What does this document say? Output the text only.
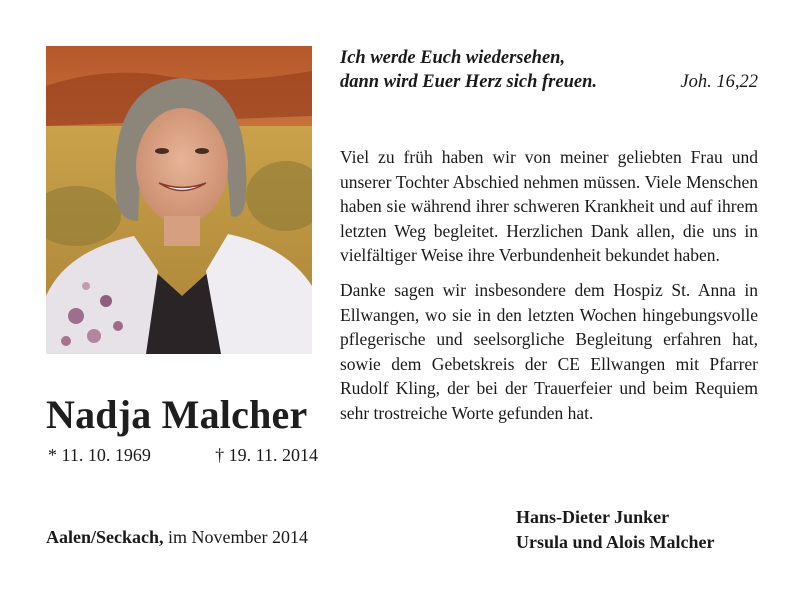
Nadja Malcher
* 11. 10. 1969	† 19. 11. 2014
Ich werde Euch wiedersehen,
dann wird Euer Herz sich freuen.	Joh. 16,22

Viel zu früh haben wir von meiner geliebten Frau und unserer Tochter Abschied nehmen müssen. Viele Menschen haben sie während ihrer schweren Krankheit und auf ihrem letzten Weg begleitet. Herzlichen Dank allen, die uns in vielfältiger Weise ihre Verbundenheit bekundet haben.

Danke sagen wir insbesondere dem Hospiz St. Anna in Ellwangen, wo sie in den letzten Wochen hingebungsvolle pflegerische und seelsorgliche Begleitung erfahren hat, sowie dem Gebetskreis der CE Ellwangen mit Pfarrer Rudolf Kling, der bei der Trauerfeier und beim Requiem sehr trostreiche Worte gefunden hat.

Aalen/Seckach, im November 2014
Hans-Dieter Junker
Ursula und Alois Malcher
